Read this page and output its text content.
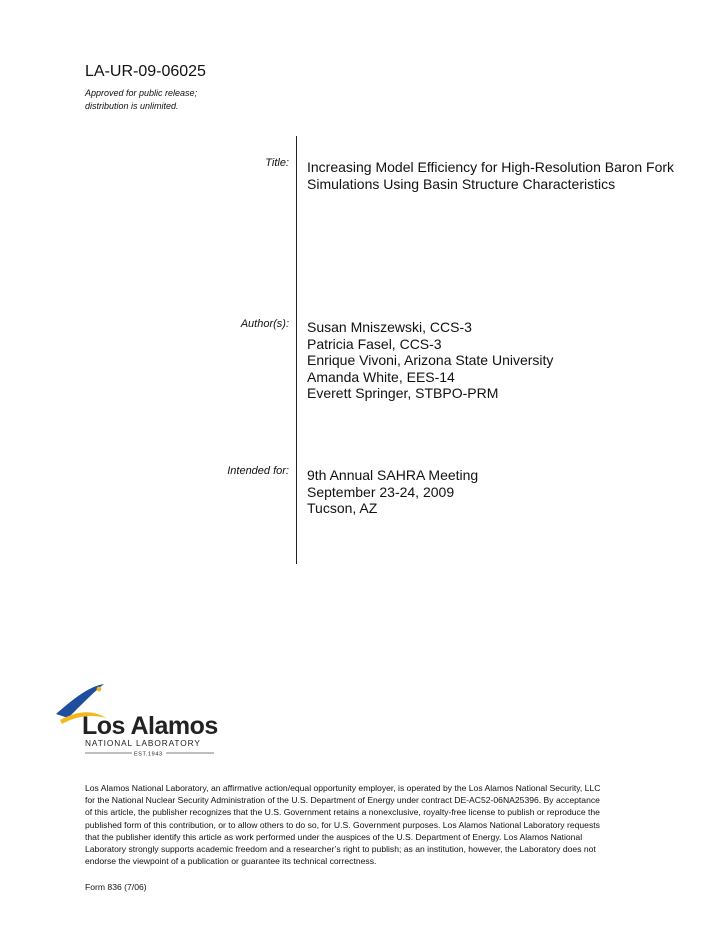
LA-UR-09-06025
Approved for public release;
distribution is unlimited.
Title: Increasing Model Efficiency for High-Resolution Baron Fork
Simulations Using Basin Structure Characteristics
Author(s): Susan Mniszewski, CCS-3
Patricia Fasel, CCS-3
Enrique Vivoni, Arizona State University
Amanda White, EES-14
Everett Springer, STBPO-PRM
Intended for: 9th Annual SAHRA Meeting
September 23-24, 2009
Tucson, AZ
Los Alamos
NATIONAL LABORATORY
EST.1943
Los Alamos National Laboratory, an affirmative action/equal opportunity employer, is operated by the Los Alamos National Security, LLC
for the National Nuclear Security Administration of the U.S. Department of Energy under contract DE-AC52-06NA25396. By acceptance
of this article, the publisher recognizes that the U.S. Government retains a nonexclusive, royalty-free license to publish or reproduce the
published form of this contribution, or to allow others to do so, for U.S. Government purposes. Los Alamos National Laboratory requests
that the publisher identify this article as work performed under the auspices of the U.S. Department of Energy. Los Alamos National
Laboratory strongly supports academic freedom and a researcher’s right to publish; as an institution, however, the Laboratory does not
endorse the viewpoint of a publication or guarantee its technical correctness.
Form 836 (7/06)
